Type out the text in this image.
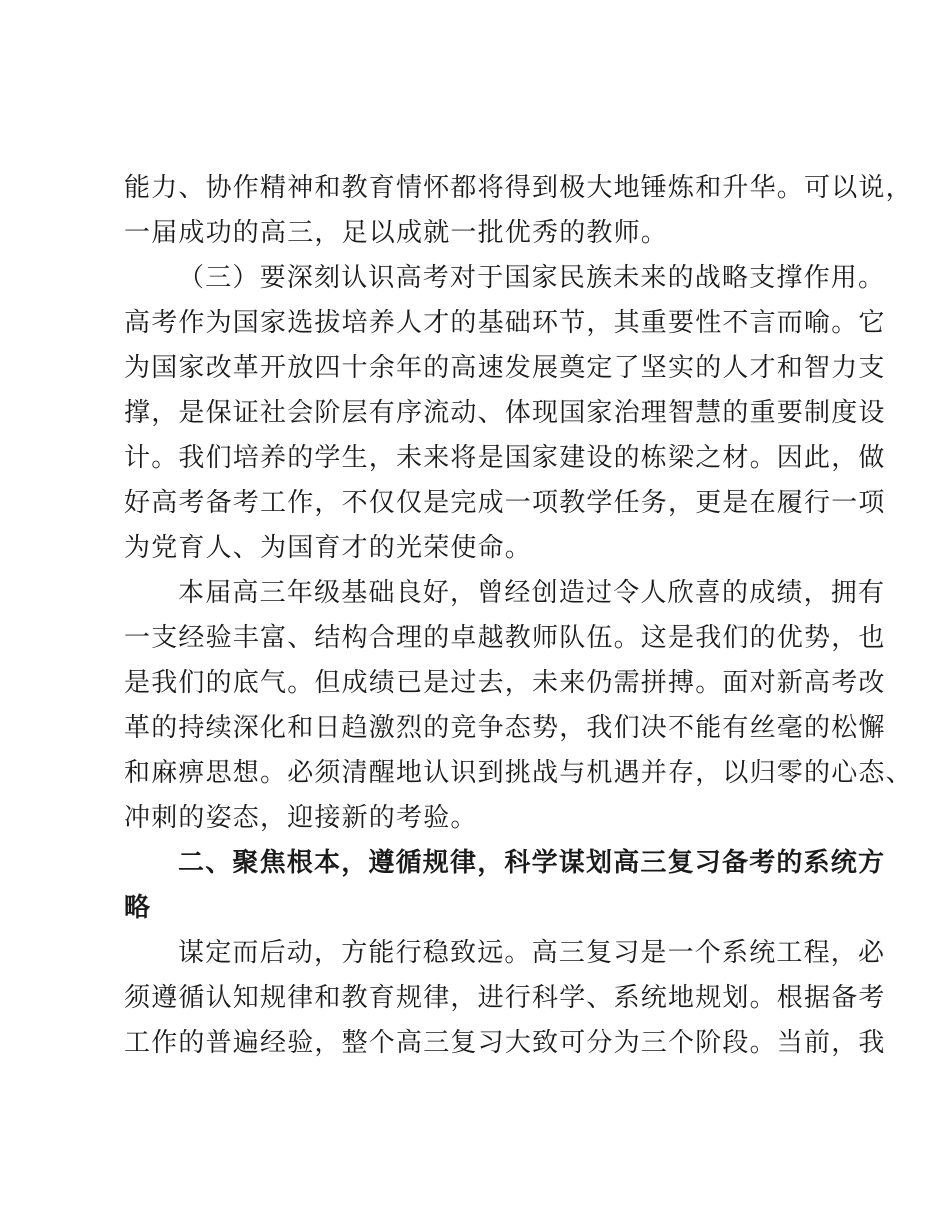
能力、协作精神和教育情怀都将得到极大地锤炼和升华。可以说，
一届成功的高三，足以成就一批优秀的教师。
（三）要深刻认识高考对于国家民族未来的战略支撑作用。
高考作为国家选拔培养人才的基础环节，其重要性不言而喻。它
为国家改革开放四十余年的高速发展奠定了坚实的人才和智力支
撑，是保证社会阶层有序流动、体现国家治理智慧的重要制度设
计。我们培养的学生，未来将是国家建设的栋梁之材。因此，做
好高考备考工作，不仅仅是完成一项教学任务，更是在履行一项
为党育人、为国育才的光荣使命。
本届高三年级基础良好，曾经创造过令人欣喜的成绩，拥有
一支经验丰富、结构合理的卓越教师队伍。这是我们的优势，也
是我们的底气。但成绩已是过去，未来仍需拼搏。面对新高考改
革的持续深化和日趋激烈的竞争态势，我们决不能有丝毫的松懈
和麻痹思想。必须清醒地认识到挑战与机遇并存，以归零的心态、
冲刺的姿态，迎接新的考验。
二、聚焦根本，遵循规律，科学谋划高三复习备考的系统方
略
谋定而后动，方能行稳致远。高三复习是一个系统工程，必
须遵循认知规律和教育规律，进行科学、系统地规划。根据备考
工作的普遍经验，整个高三复习大致可分为三个阶段。当前，我
